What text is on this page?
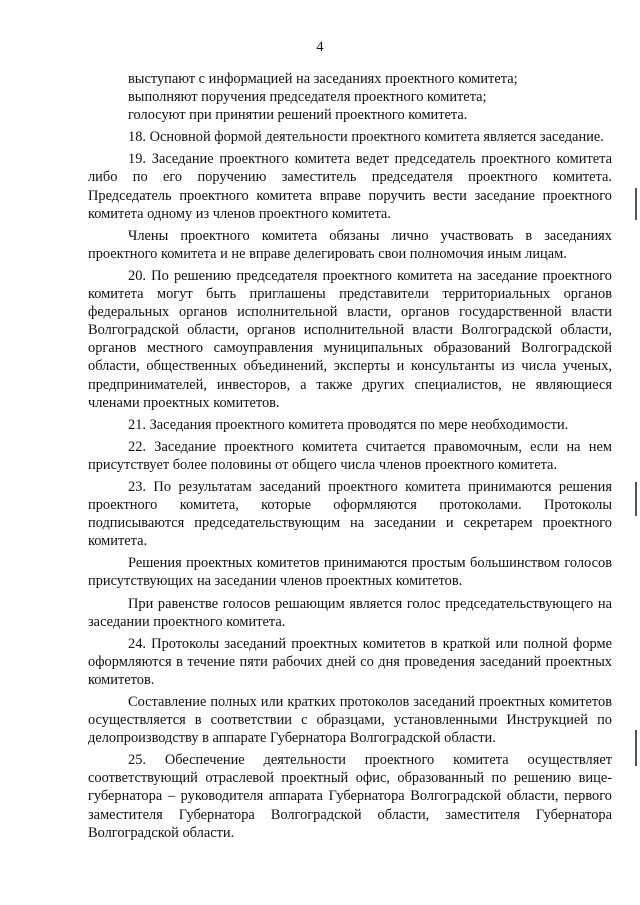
4

выступают с информацией на заседаниях проектного комитета;

выполняют поручения председателя проектного комитета;

голосуют при принятии решений проектного комитета.

18. Основной формой деятельности проектного комитета является заседание.

19. Заседание проектного комитета ведет председатель проектного комитета либо по его поручению заместитель председателя проектного комитета. Председатель проектного комитета вправе поручить вести заседание проектного комитета одному из членов проектного комитета.

Члены проектного комитета обязаны лично участвовать в заседаниях проектного комитета и не вправе делегировать свои полномочия иным лицам.

20. По решению председателя проектного комитета на заседание проектного комитета могут быть приглашены представители территориальных органов федеральных органов исполнительной власти, органов государственной власти Волгоградской области, органов исполнительной власти Волгоградской области, органов местного самоуправления муниципальных образований Волгоградской области, общественных объединений, эксперты и консультанты из числа ученых, предпринимателей, инвесторов, а также других специалистов, не являющиеся членами проектных комитетов.

21. Заседания проектного комитета проводятся по мере необходимости.

22. Заседание проектного комитета считается правомочным, если на нем присутствует более половины от общего числа членов проектного комитета.

23. По результатам заседаний проектного комитета принимаются решения проектного комитета, которые оформляются протоколами. Протоколы подписываются председательствующим на заседании и секретарем проектного комитета.

Решения проектных комитетов принимаются простым большинством голосов присутствующих на заседании членов проектных комитетов.

При равенстве голосов решающим является голос председательствующего на заседании проектного комитета.

24. Протоколы заседаний проектных комитетов в краткой или полной форме оформляются в течение пяти рабочих дней со дня проведения заседаний проектных комитетов.

Составление полных или кратких протоколов заседаний проектных комитетов осуществляется в соответствии с образцами, установленными Инструкцией по делопроизводству в аппарате Губернатора Волгоградской области.

25. Обеспечение деятельности проектного комитета осуществляет соответствующий отраслевой проектный офис, образованный по решению вице-губернатора – руководителя аппарата Губернатора Волгоградской области, первого заместителя Губернатора Волгоградской области, заместителя Губернатора Волгоградской области.
